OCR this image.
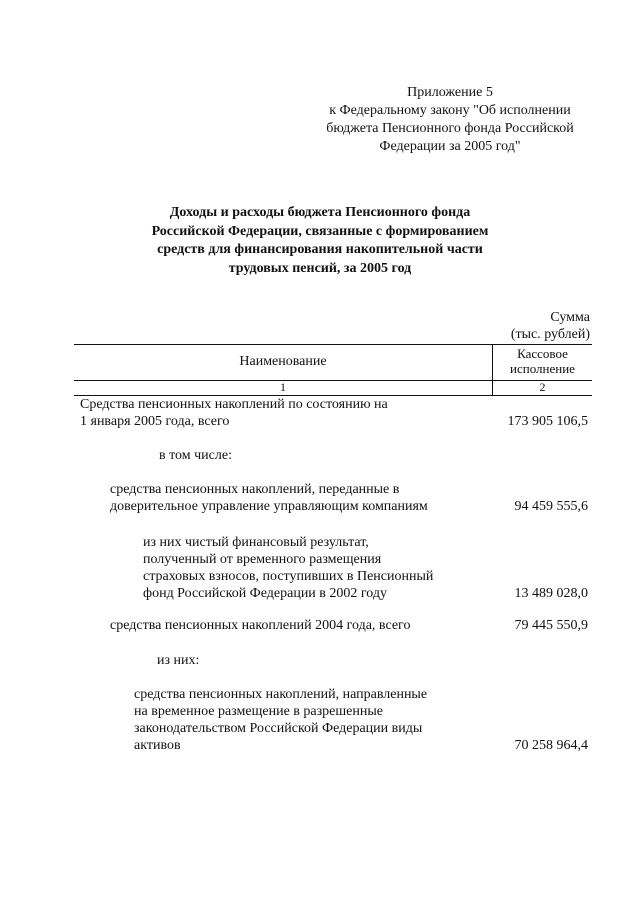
Приложение 5
к Федеральному закону "Об исполнении
бюджета Пенсионного фонда Российской
Федерации за 2005 год"
Доходы и расходы бюджета Пенсионного фонда
Российской Федерации, связанные с формированием
средств для финансирования накопительной части
трудовых пенсий, за 2005 год
Сумма
(тыс. рублей)
Наименование
Кассовое
исполнение
1	2
Средства пенсионных накоплений по состоянию на
1 января 2005 года, всего	173 905 106,5
в том числе:
средства пенсионных накоплений, переданные в
доверительное управление управляющим компаниям	94 459 555,6
из них чистый финансовый результат,
полученный от временного размещения
страховых взносов, поступивших в Пенсионный
фонд Российской Федерации в 2002 году	13 489 028,0
средства пенсионных накоплений 2004 года, всего	79 445 550,9
из них:
средства пенсионных накоплений, направленные
на временное размещение в разрешенные
законодательством Российской Федерации виды
активов	70 258 964,4
